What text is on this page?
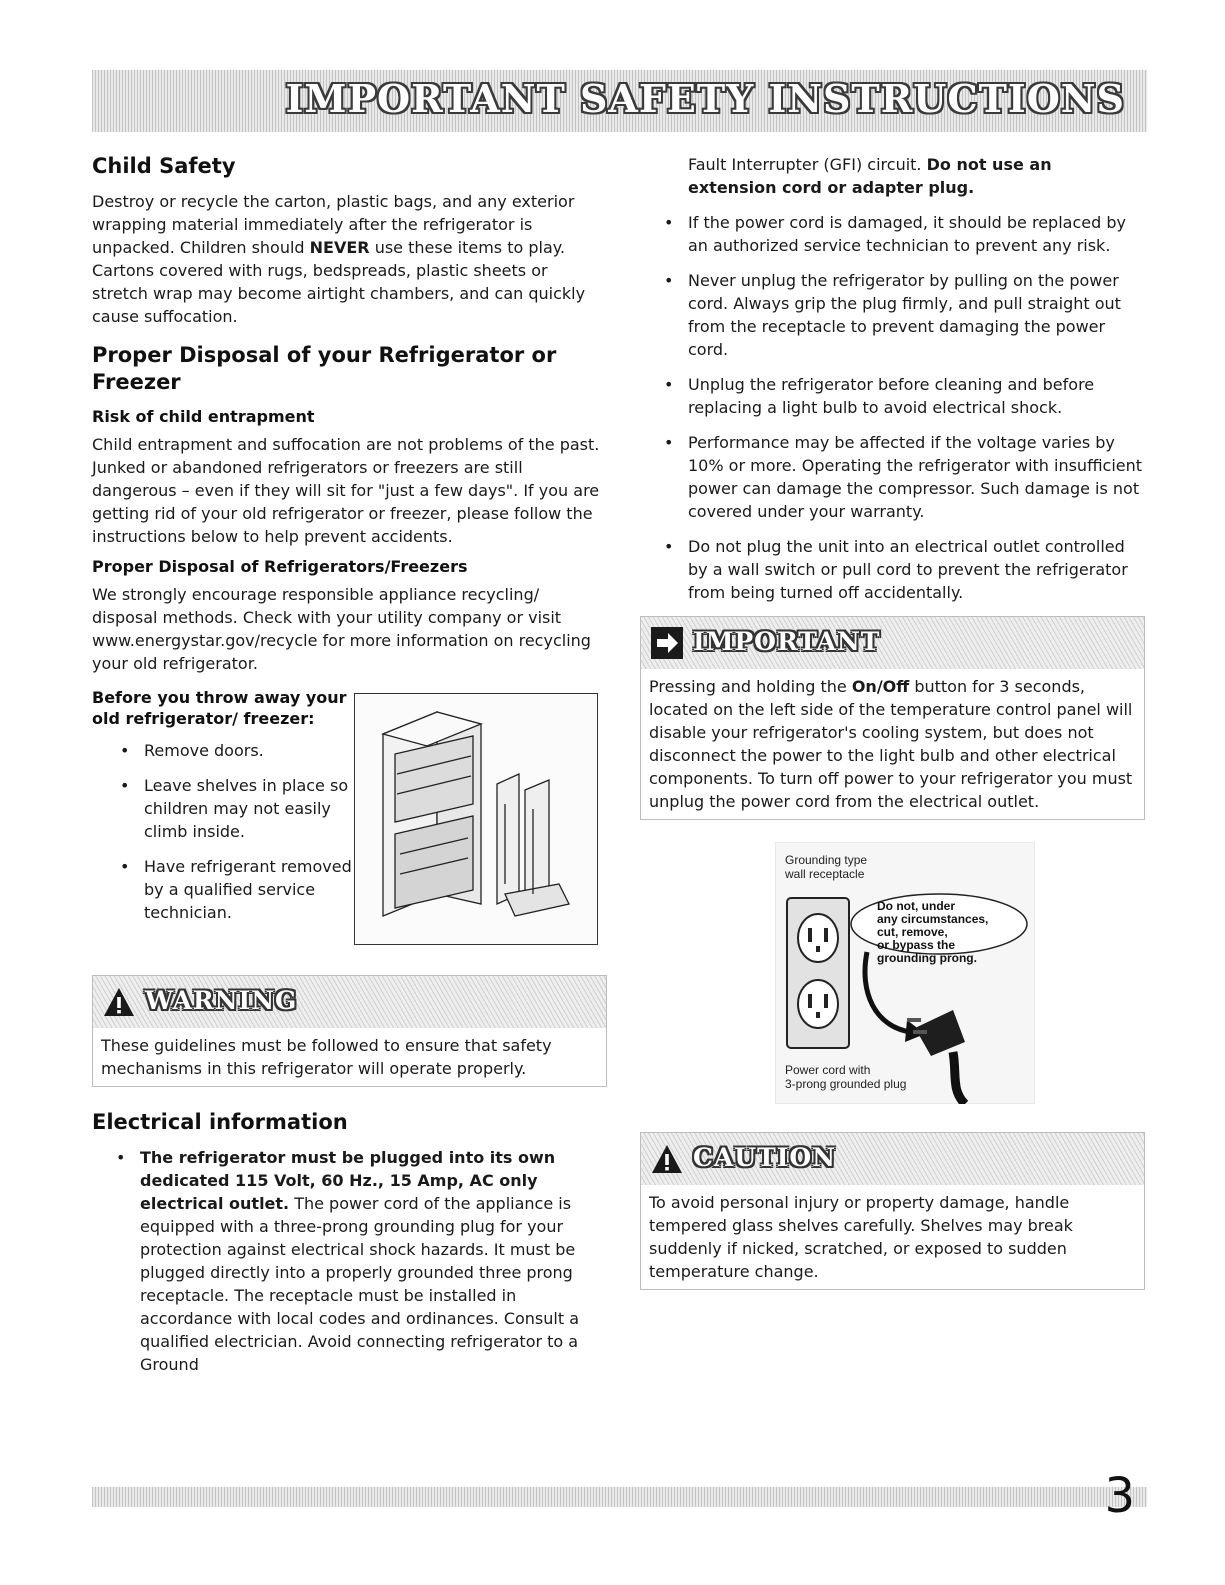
IMPORTANT SAFETY INSTRUCTIONS
Child Safety

Destroy or recycle the carton, plastic bags, and any exterior wrapping material immediately after the refrigerator is unpacked. Children should NEVER use these items to play. Cartons covered with rugs, bedspreads, plastic sheets or stretch wrap may become airtight chambers, and can quickly cause suffocation.

Proper Disposal of your Refrigerator or Freezer
Risk of child entrapment

Child entrapment and suffocation are not problems of the past. Junked or abandoned refrigerators or freezers are still dangerous – even if they will sit for "just a few days". If you are getting rid of your old refrigerator or freezer, please follow the instructions below to help prevent accidents.

Proper Disposal of Refrigerators/Freezers

We strongly encourage responsible appliance recycling/ disposal methods. Check with your utility company or visit www.energystar.gov/recycle for more information on recycling your old refrigerator.

Before you throw away your old refrigerator/ freezer:
• Remove doors.
• Leave shelves in place so children may not easily climb inside.
• Have refrigerant removed by a qualified service technician.
WARNING

These guidelines must be followed to ensure that safety mechanisms in this refrigerator will operate properly.

Electrical information
• The refrigerator must be plugged into its own dedicated 115 Volt, 60 Hz., 15 Amp, AC only electrical outlet. The power cord of the appliance is equipped with a three-prong grounding plug for your protection against electrical shock hazards. It must be plugged directly into a properly grounded three prong receptacle. The receptacle must be installed in accordance with local codes and ordinances. Consult a qualified electrician. Avoid connecting refrigerator to a Ground

Fault Interrupter (GFI) circuit. Do not use an extension cord or adapter plug.

• If the power cord is damaged, it should be replaced by an authorized service technician to prevent any risk.
• Never unplug the refrigerator by pulling on the power cord. Always grip the plug firmly, and pull straight out from the receptacle to prevent damaging the power cord.
• Unplug the refrigerator before cleaning and before replacing a light bulb to avoid electrical shock.
• Performance may be affected if the voltage varies by 10% or more. Operating the refrigerator with insufficient power can damage the compressor. Such damage is not covered under your warranty.
• Do not plug the unit into an electrical outlet controlled by a wall switch or pull cord to prevent the refrigerator from being turned off accidentally.
IMPORTANT

Pressing and holding the On/Off button for 3 seconds, located on the left side of the temperature control panel will disable your refrigerator's cooling system, but does not disconnect the power to the light bulb and other electrical components. To turn off power to your refrigerator you must unplug the power cord from the electrical outlet.

Grounding type
wall receptacle
Do not, under
any circumstances,
cut, remove,
or bypass the
grounding prong.
Power cord with
3-prong grounded plug
CAUTION

To avoid personal injury or property damage, handle tempered glass shelves carefully. Shelves may break suddenly if nicked, scratched, or exposed to sudden temperature change.

3
